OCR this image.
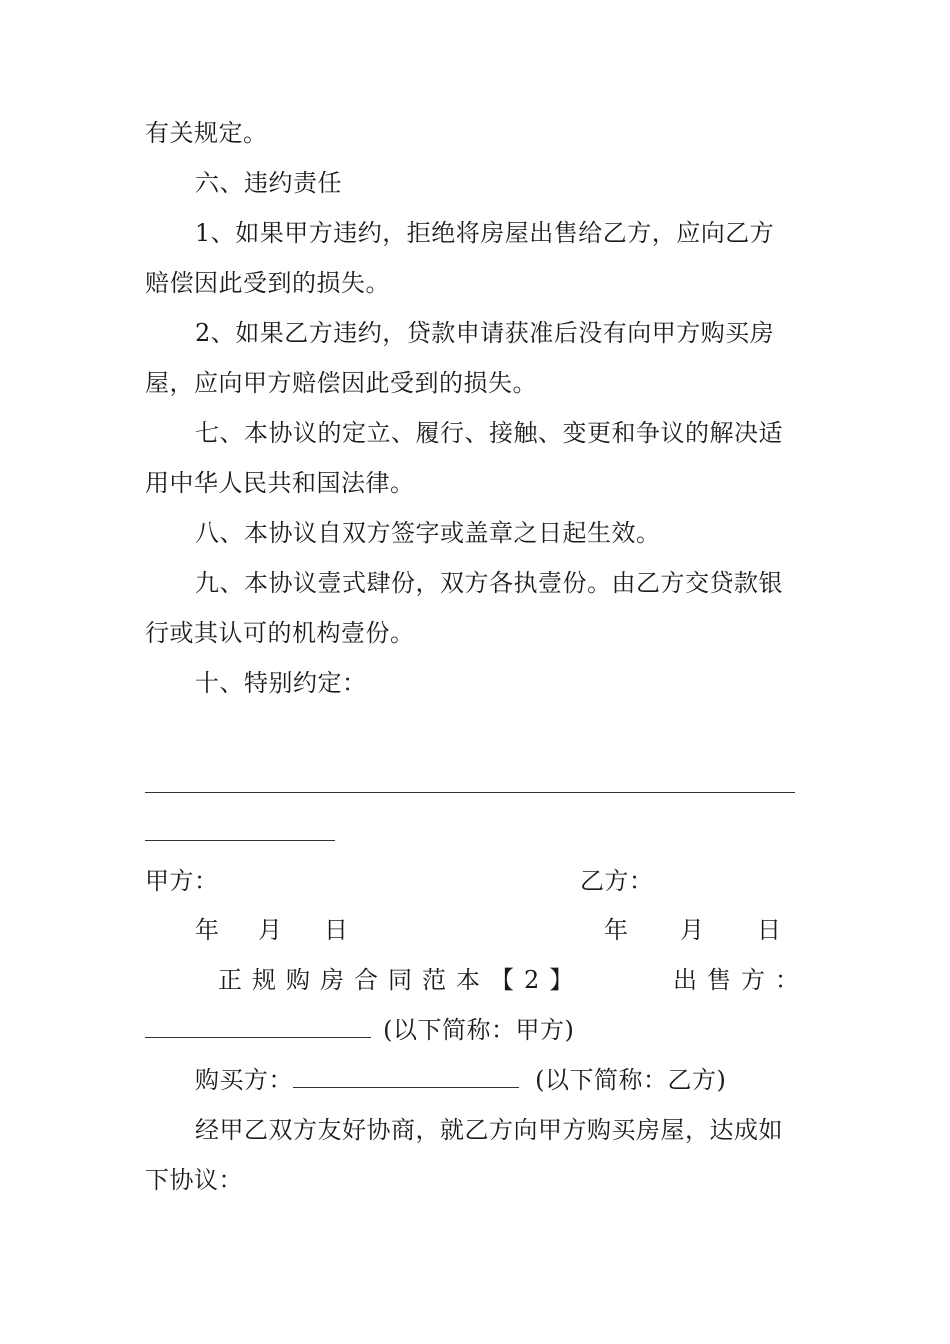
有关规定。
六、违约责任
1、如果甲方违约，拒绝将房屋出售给乙方，应向乙方
赔偿因此受到的损失。
2、如果乙方违约，贷款申请获准后没有向甲方购买房
屋，应向甲方赔偿因此受到的损失。
七、本协议的定立、履行、接触、变更和争议的解决适
用中华人民共和国法律。
八、本协议自双方签字或盖章之日起生效。
九、本协议壹式肆份，双方各执壹份。由乙方交贷款银
行或其认可的机构壹份。
十、特别约定：
甲方：	乙方：
年	月	日	年	月	日
正规购房合同范本【2】	出售方：
(以下简称：甲方)
购买方：	(以下简称：乙方)
经甲乙双方友好协商，就乙方向甲方购买房屋，达成如
下协议：
